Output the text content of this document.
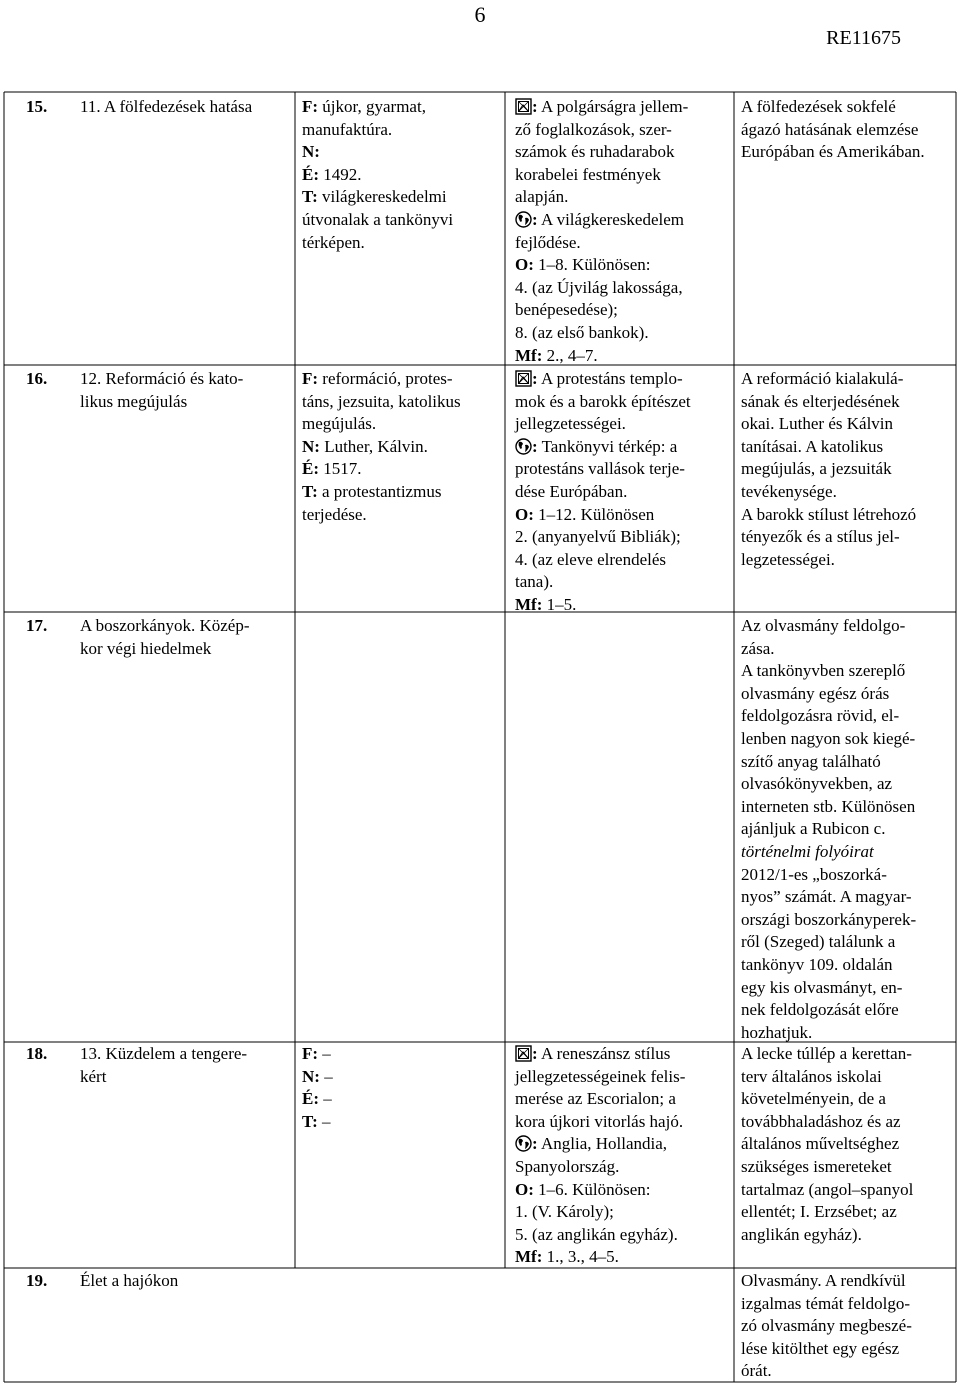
6
RE11675
15. 11. A fölfedezések hatása	F: újkor, gyarmat,
manufaktúra.
N:
É: 1492.
T: világkereskedelmi
útvonalak a tankönyvi
térképen.
: A polgárságra jellem-
ző foglalkozások, szer-
számok és ruhadarabok
korabelei festmények
alapján.
: A világkereskedelem
fejlődése.
O: 1–8. Különösen:
4. (az Újvilág lakossága,
benépesedése);
8. (az első bankok).
Mf: 2., 4–7.
A fölfedezések sokfelé
ágazó hatásának elemzése
Európában és Amerikában.
16. 12. Reformáció és kato-
likus megújulás
F: reformáció, protes-
táns, jezsuita, katolikus
megújulás.
N: Luther, Kálvin.
É: 1517.
T: a protestantizmus
terjedése.
: A protestáns templo-
mok és a barokk építészet
jellegzetességei.
: Tankönyvi térkép: a
protestáns vallások terje-
dése Európában.
O: 1–12. Különösen
2. (anyanyelvű Bibliák);
4. (az eleve elrendelés
tana).
Mf: 1–5.
A reformáció kialakulá-
sának és elterjedésének
okai. Luther és Kálvin
tanításai. A katolikus
megújulás, a jezsuiták
tevékenysége.
A barokk stílust létrehozó
tényezők és a stílus jel-
legzetességei.
17. A boszorkányok. Közép-
kor végi hiedelmek
Az olvasmány feldolgo-
zása.
A tankönyvben szereplő
olvasmány egész órás
feldolgozásra rövid, el-
lenben nagyon sok kiegé-
szítő anyag található
olvasókönyvekben, az
interneten stb. Különösen
ajánljuk a Rubicon c.
történelmi folyóirat
2012/1-es „boszorká-
nyos” számát. A magyar-
országi boszorkányperek-
ről (Szeged) találunk a
tankönyv 109. oldalán
egy kis olvasmányt, en-
nek feldolgozását előre
hozhatjuk.
18. 13. Küzdelem a tengere-
kért
F: –
N: –
É: –
T: –
: A reneszánsz stílus
jellegzetességeinek felis-
merése az Escorialon; a
kora újkori vitorlás hajó.
: Anglia, Hollandia,
Spanyolország.
O: 1–6. Különösen:
1. (V. Károly);
5. (az anglikán egyház).
Mf: 1., 3., 4–5.
A lecke túllép a kerettan-
terv általános iskolai
követelményein, de a
továbbhaladáshoz és az
általános műveltséghez
szükséges ismereteket
tartalmaz (angol–spanyol
ellentét; I. Erzsébet; az
anglikán egyház).
19. Élet a hajókon	Olvasmány. A rendkívül
izgalmas témát feldolgo-
zó olvasmány megbeszé-
lése kitölthet egy egész
órát.
